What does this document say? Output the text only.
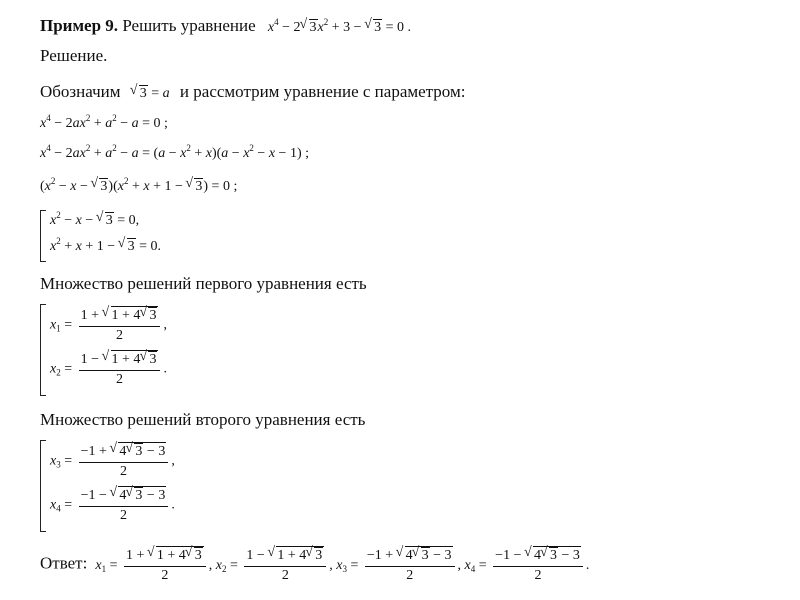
Пример 9. Решить уравнение $x^4 - 2√$ $3x^2 + 3$ − √ 3 = 0 .
Решение.
Обозначим √ 3 = a и рассмотрим уравнение с параметром:
$x^4 - 2ax^2 + a^2 - a = 0$ ;
$x^4 - 2ax^2 + a^2 - a = (a - x^2 + x)(a - x^2 - x - 1)$ ;
($x^2 - x$ − √ $3)(x^2 + x + 1$ − √ 3) = 0 ;
$x^2 - x$ − √ 3 = 0,
$x^2 + x + 1$ − √ 3 = 0.
Множество решений первого уравнения есть
$x_1 = \frac{1 + √ 1 + 4√ 3}{2}$ ,
$x_2 = \frac{1 - √ 1 + 4√ 3}{2}$ .
Множество решений второго уравнения есть
$x_3 = \frac{-1 + √ 4√ 3 - 3}{2}$ ,
$x_4 = \frac{-1 - √ 4√ 3 - 3}{2}$ .
Ответ: $x_1 = \frac{1 + √ 1 + 4√ 3}{2}$ , $x_2 = \frac{1 - √ 1 + 4√ 3}{2}$ , $x_3 = \frac{-1 + √ 4√ 3 - 3}{2}$ , $x_4 = \frac{-1 - √ 4√ 3 - 3}{2}$ .
